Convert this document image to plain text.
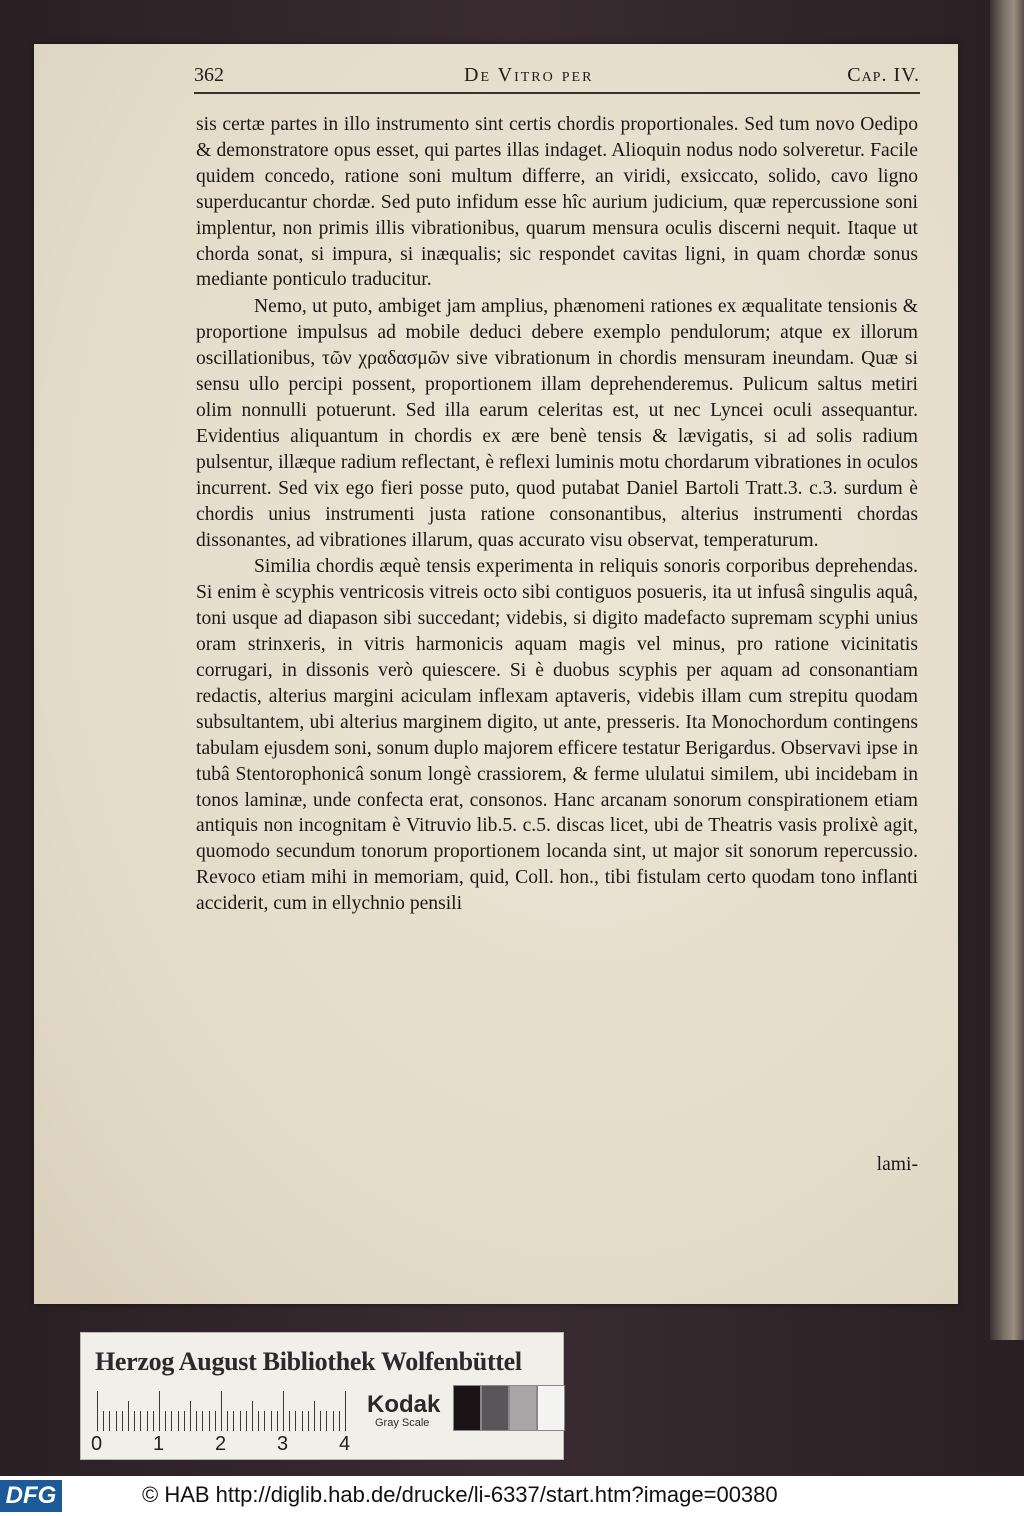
362	De Vitro per	Cap. IV.

sis certæ partes in illo instrumento sint certis chordis proportionales. Sed tum novo Oedipo & demonstratore opus esset, qui partes illas indaget. Alioquin nodus nodo solveretur. Facile quidem concedo, ratione soni multum differre, an viridi, exsiccato, solido, cavo ligno superducantur chordæ. Sed puto infidum esse hîc aurium judicium, quæ repercussione soni implentur, non primis illis vibrationibus, quarum mensura oculis discerni nequit. Itaque ut chorda sonat, si impura, si inæqualis; sic respondet cavitas ligni, in quam chordæ sonus mediante ponticulo traducitur.

Nemo, ut puto, ambiget jam amplius, phænomeni rationes ex æqualitate tensionis & proportione impulsus ad mobile deduci debere exemplo pendulorum; atque ex illorum oscillationibus, τῶν χραδασμῶν sive vibrationum in chordis mensuram ineundam. Quæ si sensu ullo percipi possent, proportionem illam deprehenderemus. Pulicum saltus metiri olim nonnulli potuerunt. Sed illa earum celeritas est, ut nec Lyncei oculi assequantur. Evidentius aliquantum in chordis ex ære benè tensis & lævigatis, si ad solis radium pulsentur, illæque radium reflectant, è reflexi luminis motu chordarum vibrationes in oculos incurrent. Sed vix ego fieri posse puto, quod putabat Daniel Bartoli Tratt.3. c.3. surdum è chordis unius instrumenti justa ratione consonantibus, alterius instrumenti chordas dissonantes, ad vibrationes illarum, quas accurato visu observat, temperaturum.

Similia chordis æquè tensis experimenta in reliquis sonoris corporibus deprehendas. Si enim è scyphis ventricosis vitreis octo sibi contiguos posueris, ita ut infusâ singulis aquâ, toni usque ad diapason sibi succedant; videbis, si digito madefacto supremam scyphi unius oram strinxeris, in vitris harmonicis aquam magis vel minus, pro ratione vicinitatis corrugari, in dissonis verò quiescere. Si è duobus scyphis per aquam ad consonantiam redactis, alterius margini aciculam inflexam aptaveris, videbis illam cum strepitu quodam subsultantem, ubi alterius marginem digito, ut ante, presseris. Ita Monochordum contingens tabulam ejusdem soni, sonum duplo majorem efficere testatur Berigardus. Observavi ipse in tubâ Stentorophonicâ sonum longè crassiorem, & ferme ululatui similem, ubi incidebam in tonos laminæ, unde confecta erat, consonos. Hanc arcanam sonorum conspirationem etiam antiquis non incognitam è Vitruvio lib.5. c.5. discas licet, ubi de Theatris vasis prolixè agit, quomodo secundum tonorum proportionem locanda sint, ut major sit sonorum repercussio. Revoco etiam mihi in memoriam, quid, Coll. hon., tibi fistulam certo quodam tono inflanti acciderit, cum in ellychnio pensili

lami-
Herzog August Bibliothek Wolfenbüttel
0	1	2	3	4
Kodak
Gray Scale
DFG	© HAB http://diglib.hab.de/drucke/li-6337/start.htm?image=00380
